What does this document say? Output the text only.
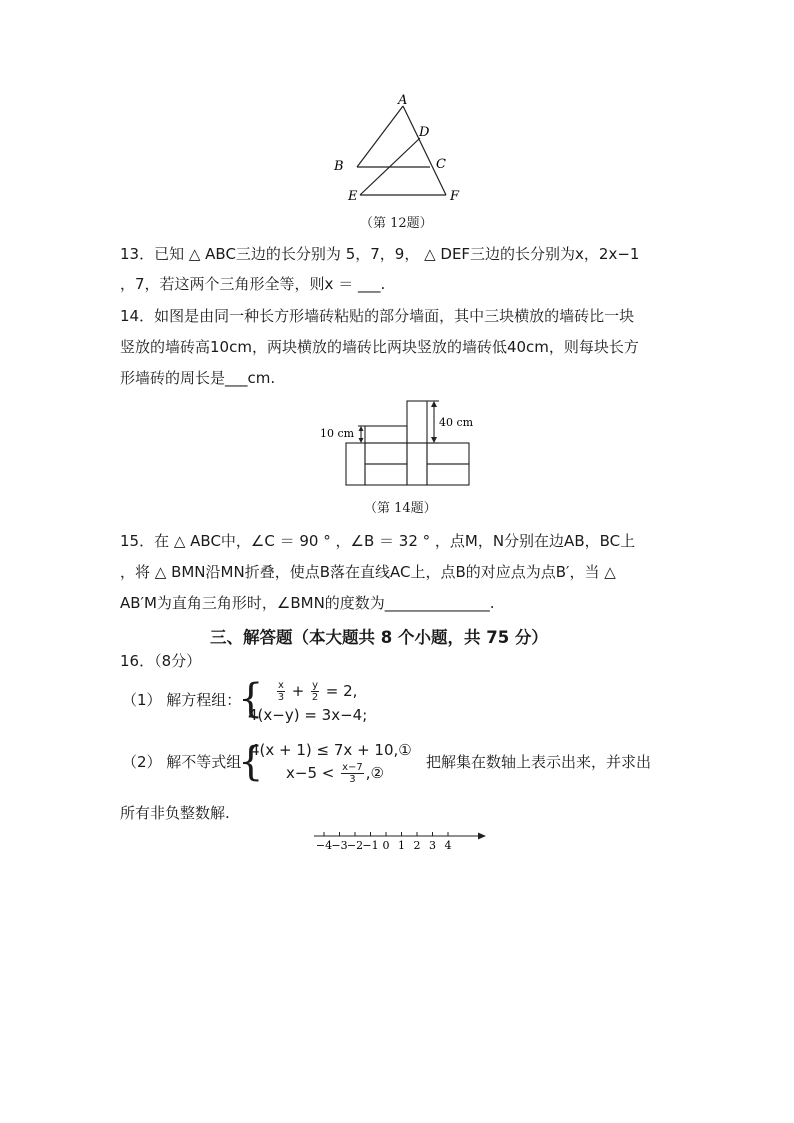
A
D
B	C
E	F
（第 12题）
13．已知 △ ABC三边的长分别为 5，7，9， △ DEF三边的长分别为x，2x−1
，7，若这两个三角形全等，则x ＝ ___.
14．如图是由同一种长方形墙砖粘贴的部分墙面，其中三块横放的墙砖比一块
竖放的墙砖高10cm，两块横放的墙砖比两块竖放的墙砖低40cm，则每块长方
形墙砖的周长是___cm.
40 cm
10 cm
（第 14题）
15．在 △ ABC中，∠C ＝ 90 ° ，∠B ＝ 32 ° ，点M，N分别在边AB，BC上
，将 △ BMN沿MN折叠，使点B落在直线AC上，点B的对应点为点B′，当 △
AB′M为直角三角形时，∠BMN的度数为______________.
三、解答题（本大题共 8 个小题，共 75 分）
16．（8分）
（1） 解方程组：
{ $\frac{x}{3} + \frac{y}{2} = 2$,
4(x−y) = 3x−4;
（2） 解不等式组
{
4(x + 1) ≤ 7x + 10,①
$x-5 < \frac{x-7}{3}$ ,②
把解集在数轴上表示出来，并求出
所有非负整数解.
−4 −3 −2 −1 0 1 2 3 4
